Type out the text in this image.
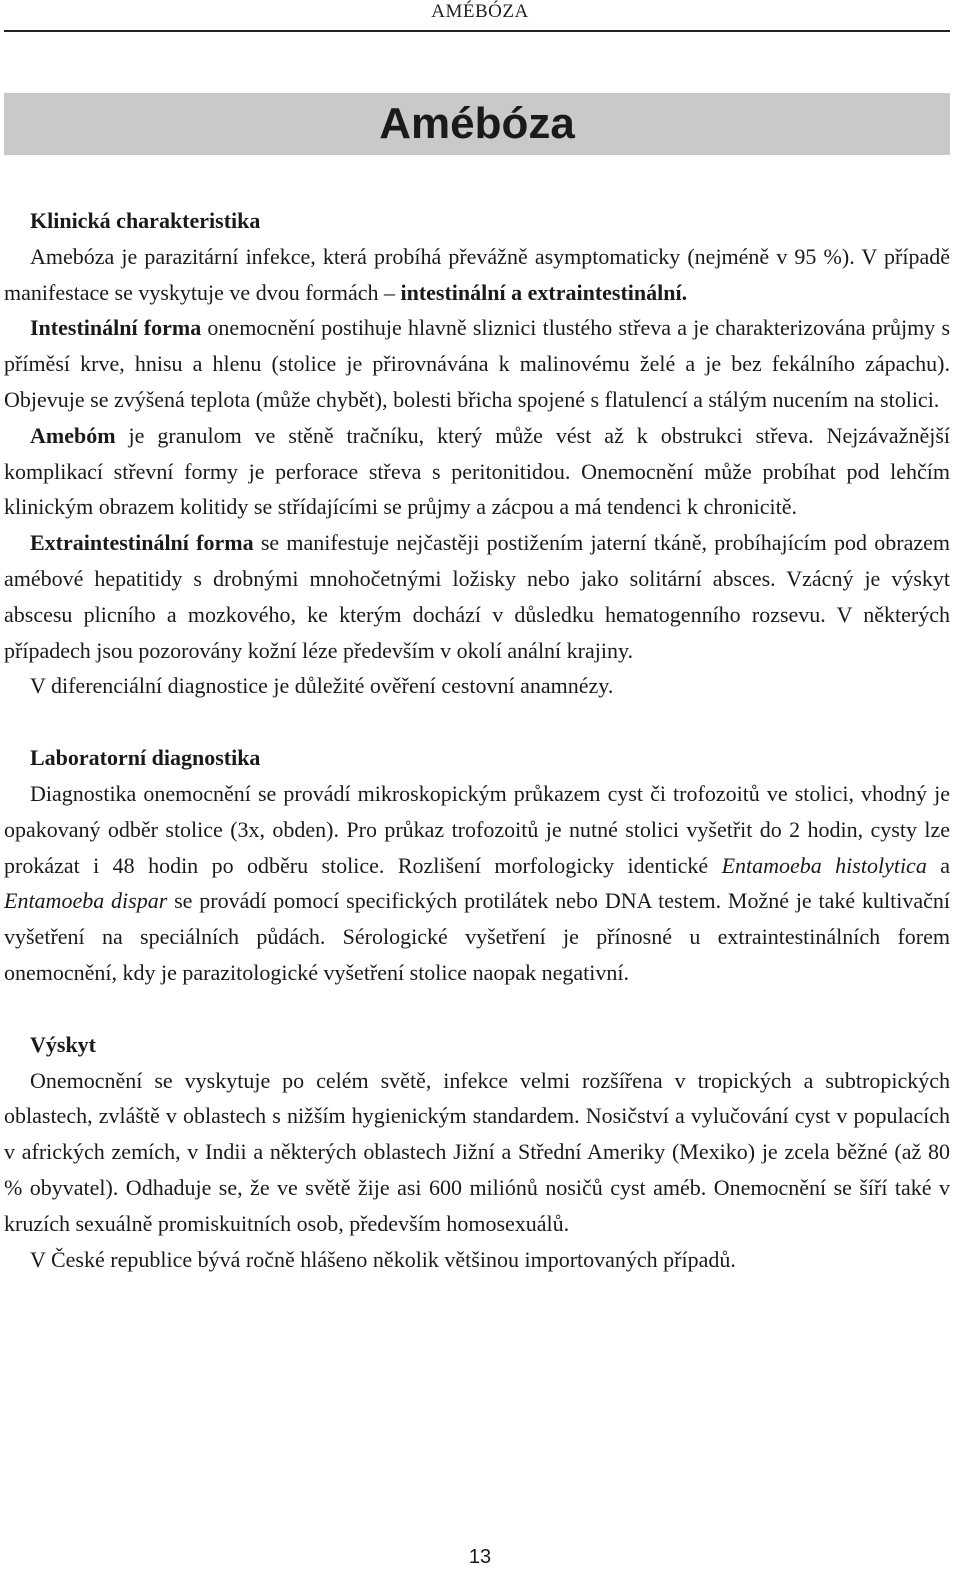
AMÉBÓZA
Amébóza
Klinická charakteristika

Amebóza je parazitární infekce, která probíhá převážně asymptomaticky (nejméně v 95 %). V případě manifestace se vyskytuje ve dvou formách – intestinální a extraintestinální.

Intestinální forma onemocnění postihuje hlavně sliznici tlustého střeva a je charakterizována průjmy s příměsí krve, hnisu a hlenu (stolice je přirovnávána k malinovému želé a je bez fekálního zápachu). Objevuje se zvýšená teplota (může chybět), bolesti břicha spojené s flatulencí a stálým nucením na stolici.

Amebóm je granulom ve stěně tračníku, který může vést až k obstrukci střeva. Nejzávažnější komplikací střevní formy je perforace střeva s peritonitidou. Onemocnění může probíhat pod lehčím klinickým obrazem kolitidy se střídajícími se průjmy a zácpou a má tendenci k chronicitě.

Extraintestinální forma se manifestuje nejčastěji postižením jaterní tkáně, probíhajícím pod obrazem amébové hepatitidy s drobnými mnohočetnými ložisky nebo jako solitární absces. Vzácný je výskyt abscesu plicního a mozkového, ke kterým dochází v důsledku hematogenního rozsevu. V některých případech jsou pozorovány kožní léze především v okolí anální krajiny.

V diferenciální diagnostice je důležité ověření cestovní anamnézy.

Laboratorní diagnostika

Diagnostika onemocnění se provádí mikroskopickým průkazem cyst či trofozoitů ve stolici, vhodný je opakovaný odběr stolice (3x, obden). Pro průkaz trofozoitů je nutné stolici vyšetřit do 2 hodin, cysty lze prokázat i 48 hodin po odběru stolice. Rozlišení morfologicky identické Entamoeba histolytica a Entamoeba dispar se provádí pomocí specifických protilátek nebo DNA testem. Možné je také kultivační vyšetření na speciálních půdách. Sérologické vyšetření je přínosné u extraintestinálních forem onemocnění, kdy je parazitologické vyšetření stolice naopak negativní.

Výskyt

Onemocnění se vyskytuje po celém světě, infekce velmi rozšířena v tropických a subtropických oblastech, zvláště v oblastech s nižším hygienickým standardem. Nosičství a vylučování cyst v populacích v afrických zemích, v Indii a některých oblastech Jižní a Střední Ameriky (Mexiko) je zcela běžné (až 80 % obyvatel). Odhaduje se, že ve světě žije asi 600 miliónů nosičů cyst améb. Onemocnění se šíří také v kruzích sexuálně promiskuitních osob, především homosexuálů.

V České republice bývá ročně hlášeno několik většinou importovaných případů.

13
